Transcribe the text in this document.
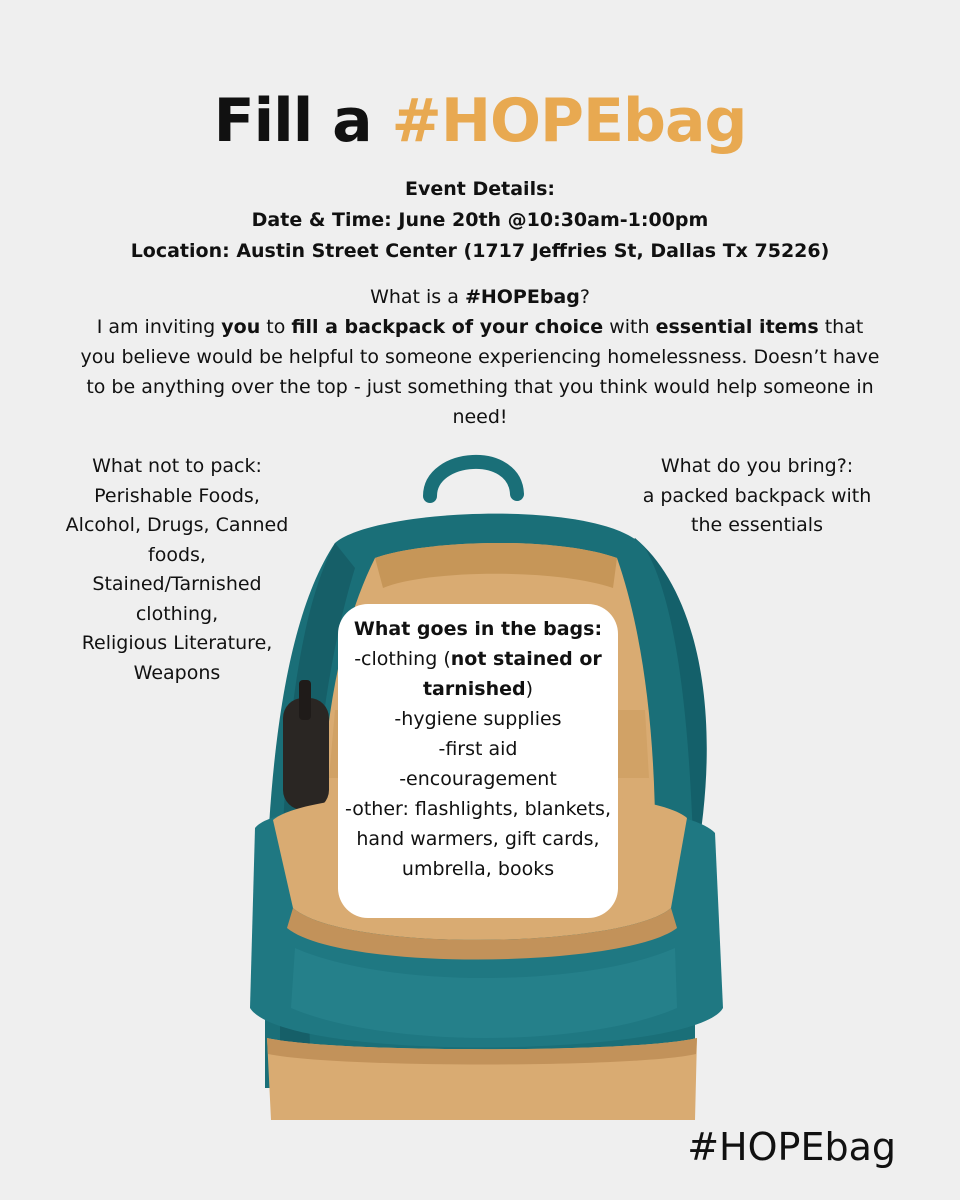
Fill a #HOPEbag
Event Details:
Date & Time: June 20th @10:30am-1:00pm
Location: Austin Street Center (1717 Jeffries St, Dallas Tx 75226)
What is a #HOPEbag?
I am inviting you to fill a backpack of your choice with essential items that you believe would be helpful to someone experiencing homelessness. Doesn’t have to be anything over the top - just something that you think would help someone in need!
What not to pack:
Perishable Foods,
Alcohol, Drugs, Canned
foods,
Stained/Tarnished
clothing,
Religious Literature,
Weapons
What do you bring?:
a packed backpack with
the essentials
What goes in the bags:
-clothing (not stained or tarnished)
-hygiene supplies
-first aid
-encouragement
-other: flashlights, blankets, hand warmers, gift cards, umbrella, books
#HOPEbag
